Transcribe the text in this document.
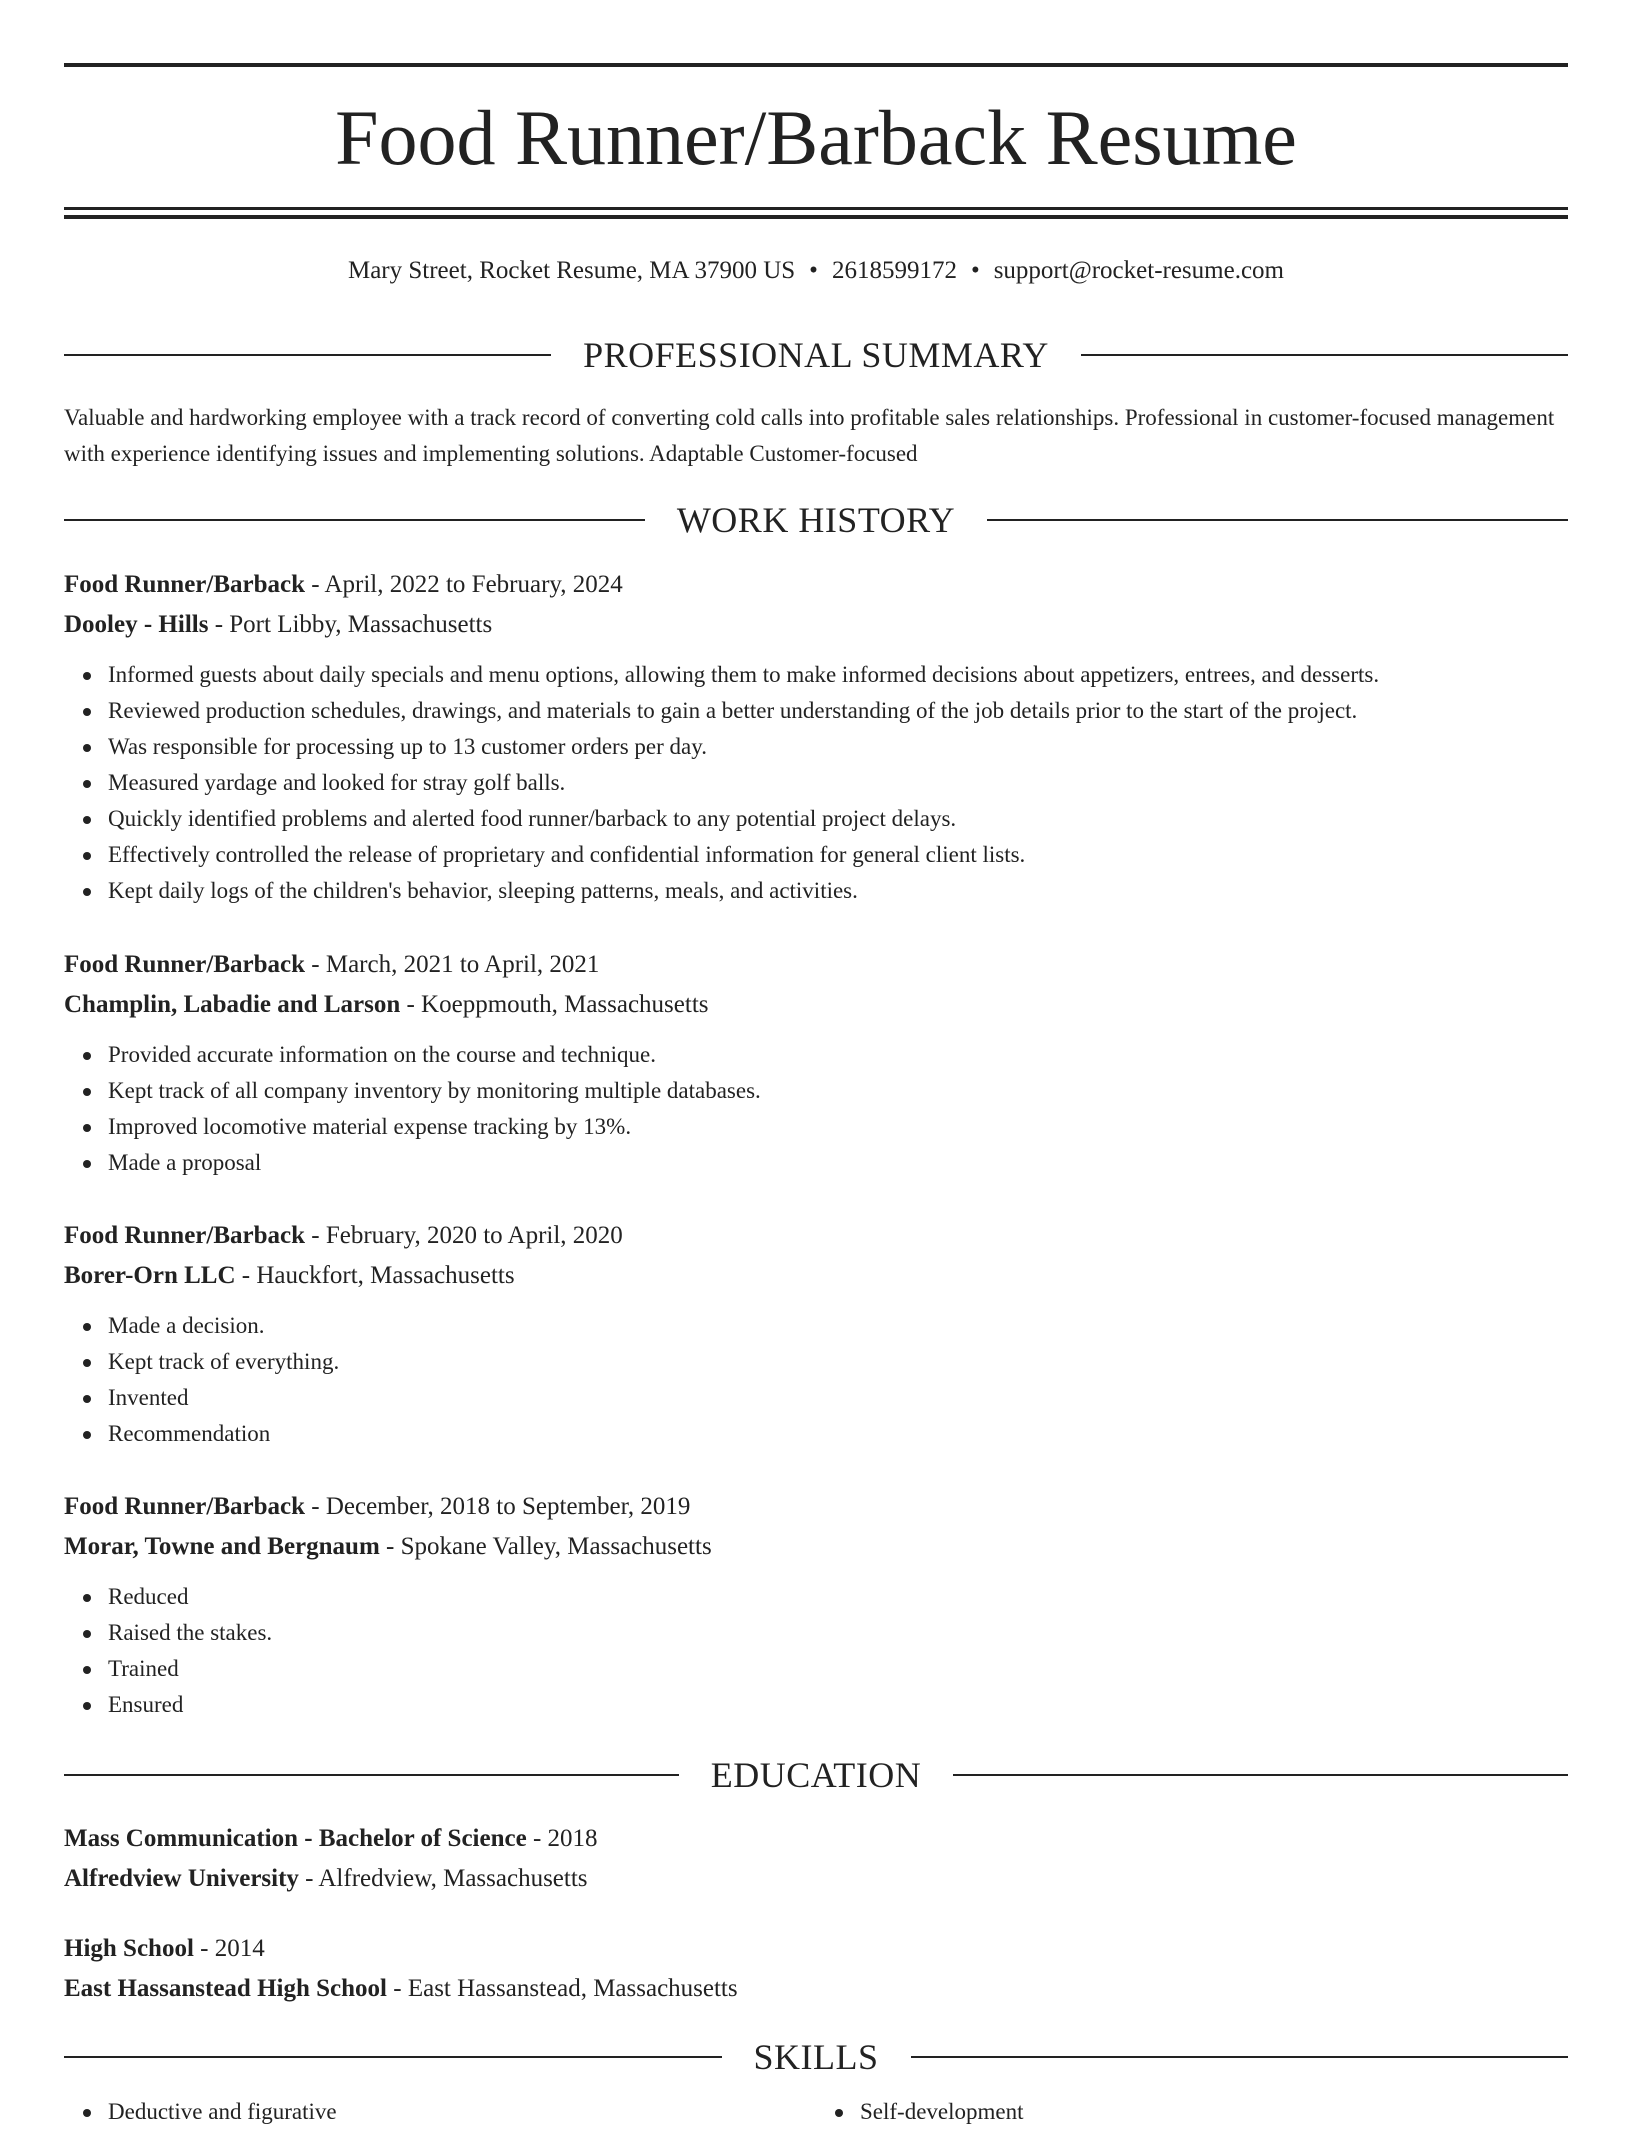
Food Runner/Barback Resume
Mary Street, Rocket Resume, MA 37900 US • 2618599172 • support@rocket-resume.com
PROFESSIONAL SUMMARY

Valuable and hardworking employee with a track record of converting cold calls into profitable sales relationships. Professional in customer-focused management with experience identifying issues and implementing solutions. Adaptable Customer-focused

WORK HISTORY
Food Runner/Barback - April, 2022 to February, 2024
Dooley - Hills - Port Libby, Massachusetts
Informed guests about daily specials and menu options, allowing them to make informed decisions about appetizers, entrees, and desserts.
Reviewed production schedules, drawings, and materials to gain a better understanding of the job details prior to the start of the project.
Was responsible for processing up to 13 customer orders per day.
Measured yardage and looked for stray golf balls.
Quickly identified problems and alerted food runner/barback to any potential project delays.
Effectively controlled the release of proprietary and confidential information for general client lists.
Kept daily logs of the children's behavior, sleeping patterns, meals, and activities.
Food Runner/Barback - March, 2021 to April, 2021
Champlin, Labadie and Larson - Koeppmouth, Massachusetts
Provided accurate information on the course and technique.
Kept track of all company inventory by monitoring multiple databases.
Improved locomotive material expense tracking by 13%.
Made a proposal
Food Runner/Barback - February, 2020 to April, 2020
Borer-Orn LLC - Hauckfort, Massachusetts
Made a decision.
Kept track of everything.
Invented
Recommendation
Food Runner/Barback - December, 2018 to September, 2019
Morar, Towne and Bergnaum - Spokane Valley, Massachusetts
Reduced
Raised the stakes.
Trained
Ensured
EDUCATION
Mass Communication - Bachelor of Science - 2018
Alfredview University - Alfredview, Massachusetts
High School - 2014
East Hassanstead High School - East Hassanstead, Massachusetts
SKILLS
Deductive and figurative	Self-development
